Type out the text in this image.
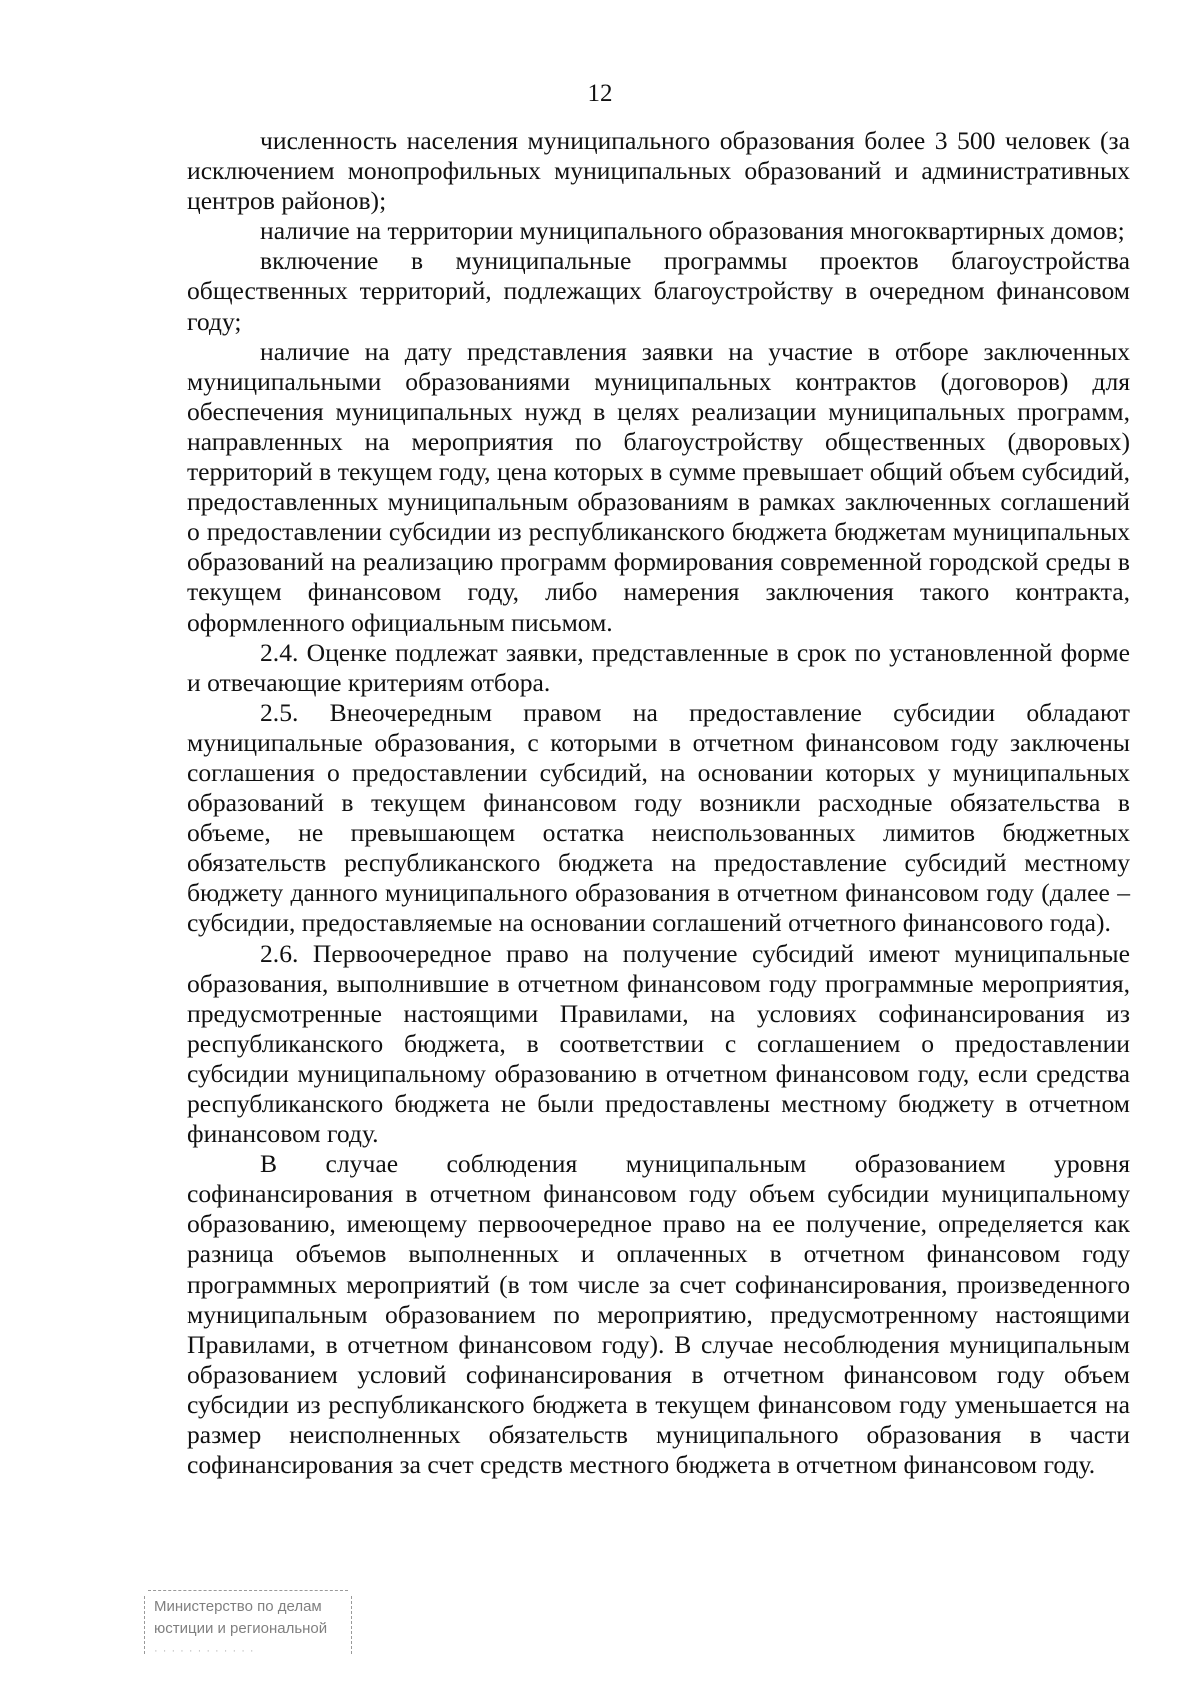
12

численность населения муниципального образования более 3 500 человек (за исключением монопрофильных муниципальных образований и административных центров районов);

наличие на территории муниципального образования многоквартирных домов;

включение в муниципальные программы проектов благоустройства общественных территорий, подлежащих благоустройству в очередном финансовом году;

наличие на дату представления заявки на участие в отборе заключенных муниципальными образованиями муниципальных контрактов (договоров) для обеспечения муниципальных нужд в целях реализации муниципальных программ, направленных на мероприятия по благоустройству общественных (дворовых) территорий в текущем году, цена которых в сумме превышает общий объем субсидий, предоставленных муниципальным образованиям в рамках заключенных соглашений о предоставлении субсидии из республиканского бюджета бюджетам муниципальных образований на реализацию программ формирования современной городской среды в текущем финансовом году, либо намерения заключения такого контракта, оформленного официальным письмом.

2.4. Оценке подлежат заявки, представленные в срок по установленной форме и отвечающие критериям отбора.

2.5. Внеочередным правом на предоставление субсидии обладают муниципальные образования, с которыми в отчетном финансовом году заключены соглашения о предоставлении субсидий, на основании которых у муниципальных образований в текущем финансовом году возникли расходные обязательства в объеме, не превышающем остатка неиспользованных лимитов бюджетных обязательств республиканского бюджета на предоставление субсидий местному бюджету данного муниципального образования в отчетном финансовом году (далее – субсидии, предоставляемые на основании соглашений отчетного финансового года).

2.6. Первоочередное право на получение субсидий имеют муниципальные образования, выполнившие в отчетном финансовом году программные мероприятия, предусмотренные настоящими Правилами, на условиях софинансирования из республиканского бюджета, в соответствии с соглашением о предоставлении субсидии муниципальному образованию в отчетном финансовом году, если средства республиканского бюджета не были предоставлены местному бюджету в отчетном финансовом году.

В случае соблюдения муниципальным образованием уровня софинансирования в отчетном финансовом году объем субсидии муниципальному образованию, имеющему первоочередное право на ее получение, определяется как разница объемов выполненных и оплаченных в отчетном финансовом году программных мероприятий (в том числе за счет софинансирования, произведенного муниципальным образованием по мероприятию, предусмотренному настоящими Правилами, в отчетном финансовом году). В случае несоблюдения муниципальным образованием условий софинансирования в отчетном финансовом году объем субсидии из республиканского бюджета в текущем финансовом году уменьшается на размер неисполненных обязательств муниципального образования в части софинансирования за счет средств местного бюджета в отчетном финансовом году.

Министерство по делам
юстиции и региональной
· · · · · · · · · · · ·
